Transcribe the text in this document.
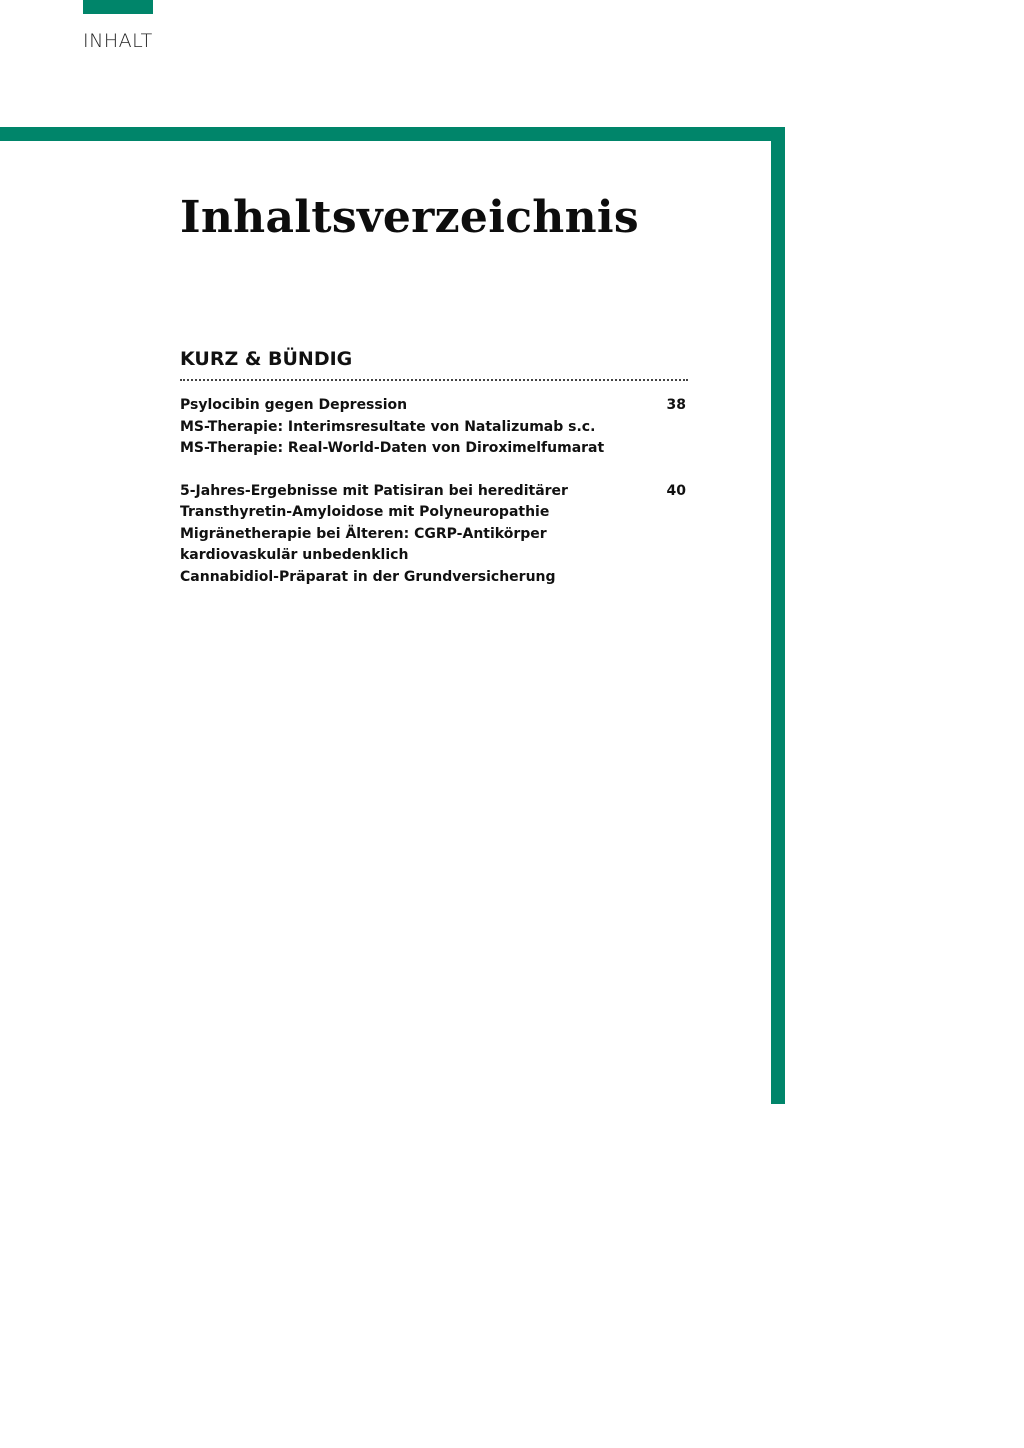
INHALT
Inhaltsverzeichnis
KURZ & BÜNDIG
Psylocibin gegen Depression
MS-Therapie: Interimsresultate von Natalizumab s.c.
MS-Therapie: Real-World-Daten von Diroximelfumarat
38
5-Jahres-Ergebnisse mit Patisiran bei hereditärer Transthyretin-Amyloidose mit Polyneuropathie
Migränetherapie bei Älteren: CGRP-Antikörper kardiovaskulär unbedenklich
Cannabidiol-Präparat in der Grundversicherung
40
